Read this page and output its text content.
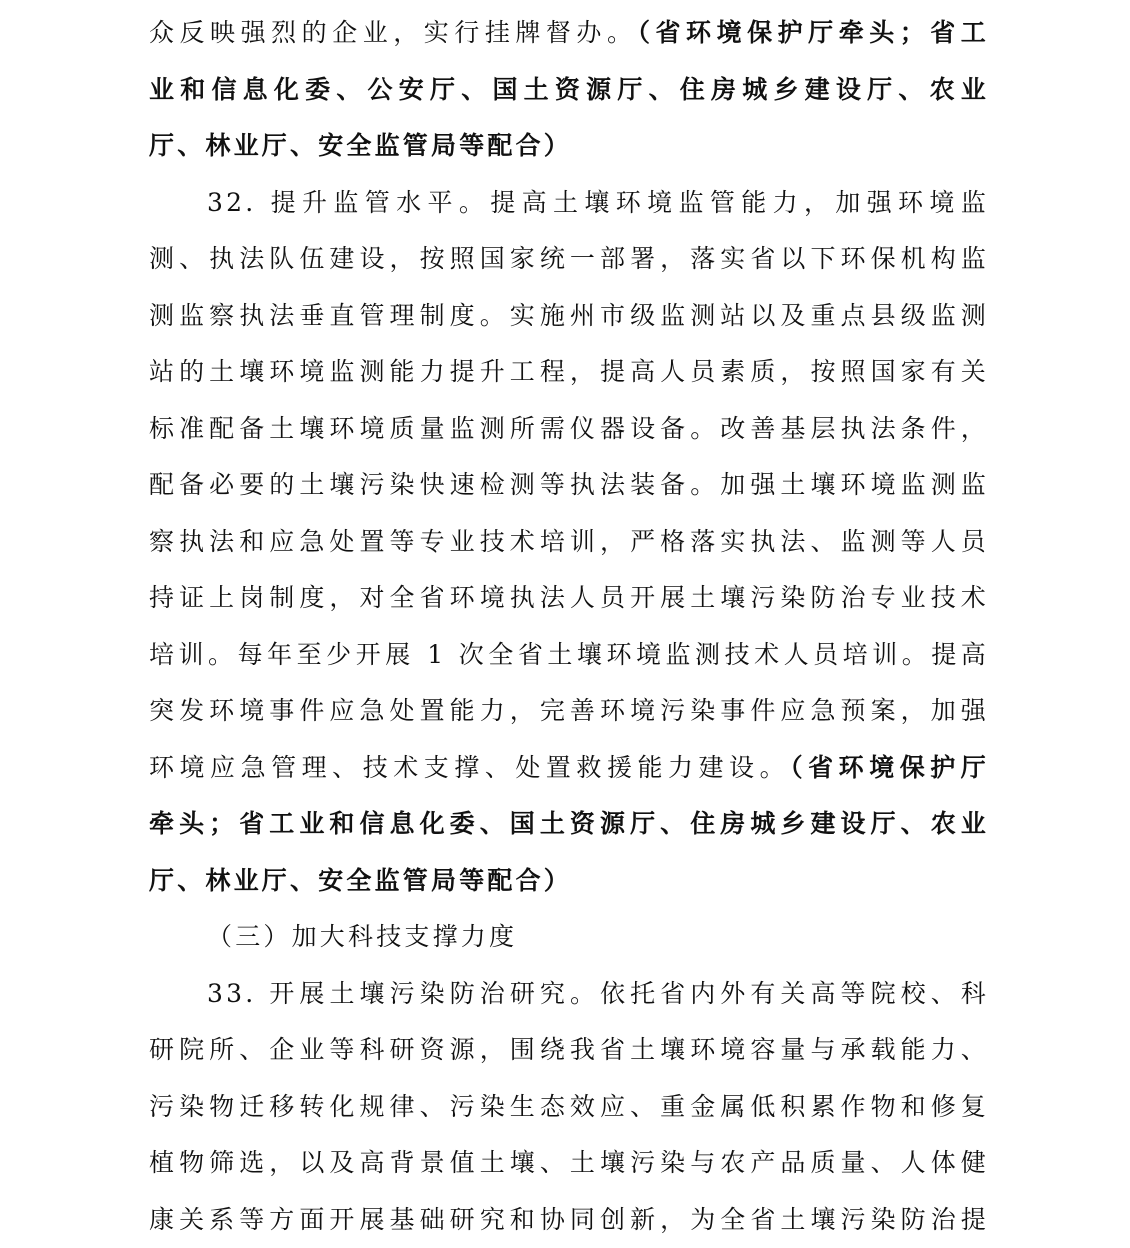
众反映强烈的企业，实行挂牌督办。（省环境保护厅牵头；省工
业和信息化委、公安厅、国土资源厅、住房城乡建设厅、农业
厅、林业厅、安全监管局等配合）
32. 提升监管水平。提高土壤环境监管能力，加强环境监
测、执法队伍建设，按照国家统一部署，落实省以下环保机构监
测监察执法垂直管理制度。实施州市级监测站以及重点县级监测
站的土壤环境监测能力提升工程，提高人员素质，按照国家有关
标准配备土壤环境质量监测所需仪器设备。改善基层执法条件，
配备必要的土壤污染快速检测等执法装备。加强土壤环境监测监
察执法和应急处置等专业技术培训，严格落实执法、监测等人员
持证上岗制度，对全省环境执法人员开展土壤污染防治专业技术
培训。每年至少开展 1 次全省土壤环境监测技术人员培训。提高
突发环境事件应急处置能力，完善环境污染事件应急预案，加强
环境应急管理、技术支撑、处置救援能力建设。（省环境保护厅
牵头；省工业和信息化委、国土资源厅、住房城乡建设厅、农业
厅、林业厅、安全监管局等配合）
（三）加大科技支撑力度
33. 开展土壤污染防治研究。依托省内外有关高等院校、科
研院所、企业等科研资源，围绕我省土壤环境容量与承载能力、
污染物迁移转化规律、污染生态效应、重金属低积累作物和修复
植物筛选，以及高背景值土壤、土壤污染与农产品质量、人体健
康关系等方面开展基础研究和协同创新，为全省土壤污染防治提
